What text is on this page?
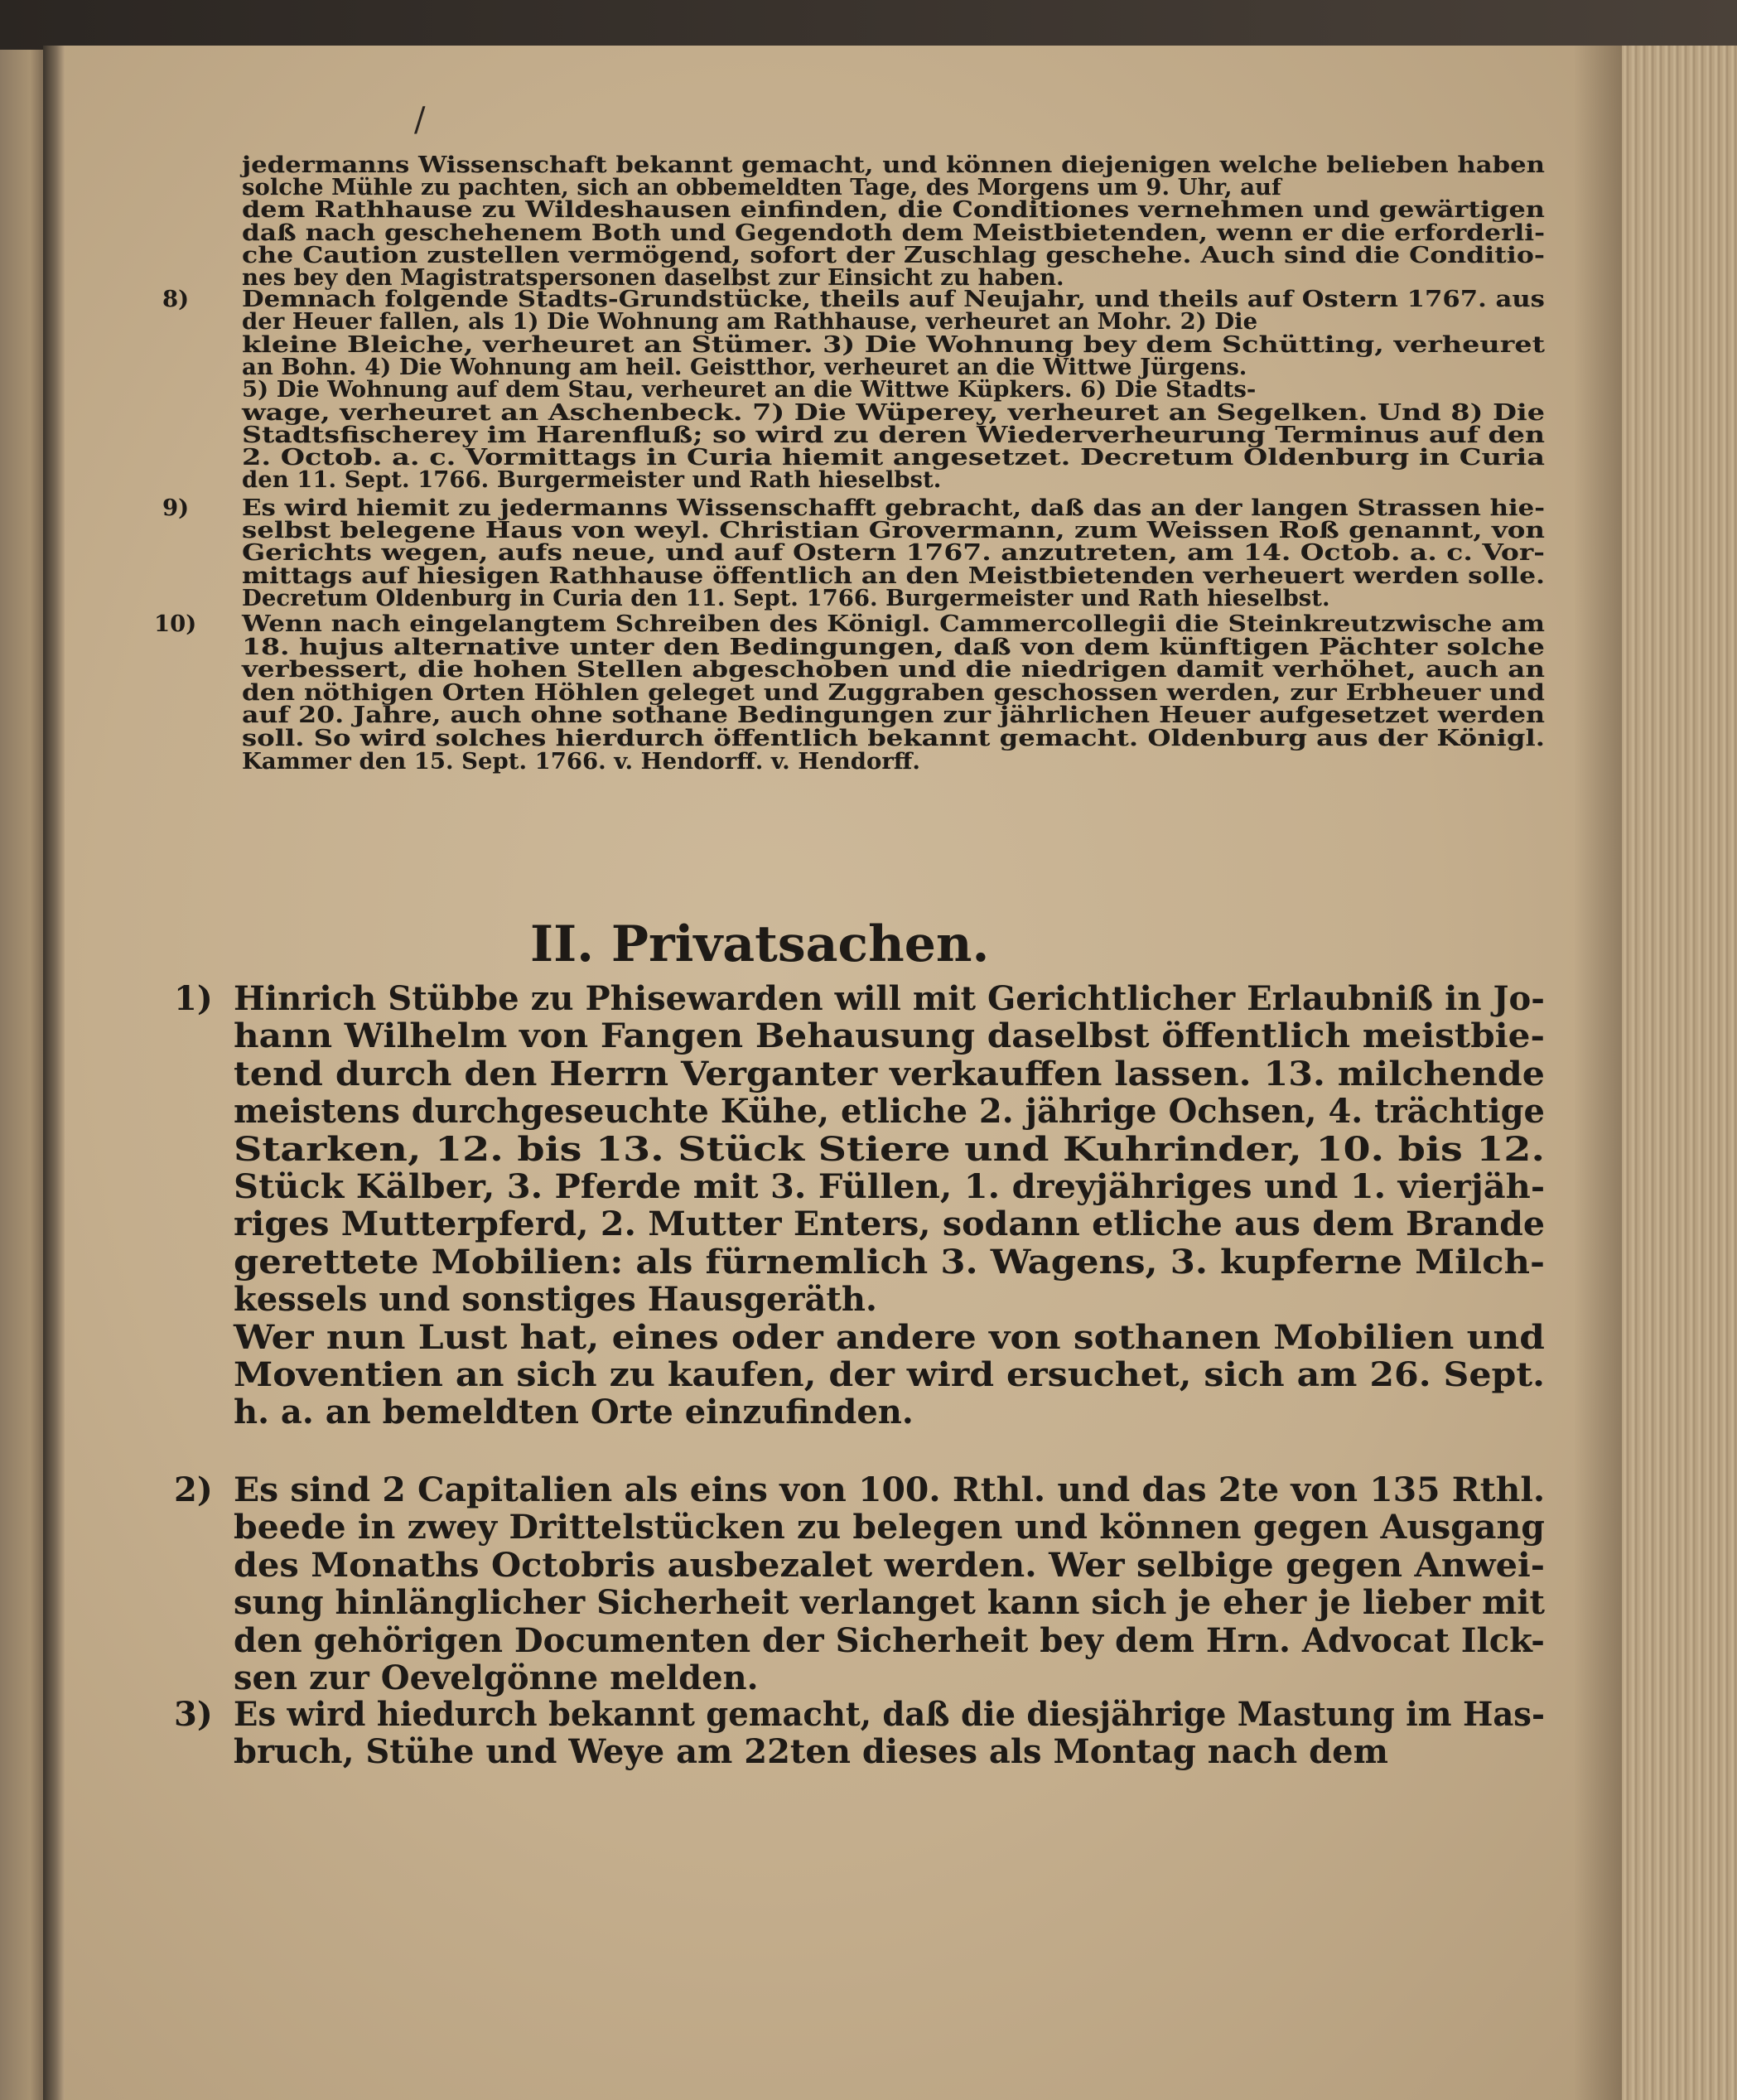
/
jedermanns Wissenschaft bekannt gemacht, und können diejenigen welche belieben haben
solche Mühle zu pachten, sich an obbemeldten Tage, des Morgens um 9. Uhr, auf
dem Rathhause zu Wildeshausen einfinden, die Conditiones vernehmen und gewärtigen
daß nach geschehenem Both und Gegendoth dem Meistbietenden, wenn er die erforderli-
che Caution zustellen vermögend, sofort der Zuschlag geschehe. Auch sind die Conditio-
nes bey den Magistratspersonen daselbst zur Einsicht zu haben.
8) Demnach folgende Stadts-Grundstücke, theils auf Neujahr, und theils auf Ostern 1767. aus
der Heuer fallen, als 1) Die Wohnung am Rathhause, verheuret an Mohr. 2) Die
kleine Bleiche, verheuret an Stümer. 3) Die Wohnung bey dem Schütting, verheuret
an Bohn. 4) Die Wohnung am heil. Geistthor, verheuret an die Wittwe Jürgens.
5) Die Wohnung auf dem Stau, verheuret an die Wittwe Küpkers. 6) Die Stadts-
wage, verheuret an Aschenbeck. 7) Die Wüperey, verheuret an Segelken. Und 8) Die
Stadtsfischerey im Harenfluß; so wird zu deren Wiederverheurung Terminus auf den
2. Octob. a. c. Vormittags in Curia hiemit angesetzet. Decretum Oldenburg in Curia
den 11. Sept. 1766. Burgermeister und Rath hieselbst.
9) Es wird hiemit zu jedermanns Wissenschafft gebracht, daß das an der langen Strassen hie-
selbst belegene Haus von weyl. Christian Grovermann, zum Weissen Roß genannt, von
Gerichts wegen, aufs neue, und auf Ostern 1767. anzutreten, am 14. Octob. a. c. Vor-
mittags auf hiesigen Rathhause öffentlich an den Meistbietenden verheuert werden solle.
Decretum Oldenburg in Curia den 11. Sept. 1766. Burgermeister und Rath hieselbst.
10) Wenn nach eingelangtem Schreiben des Königl. Cammercollegii die Steinkreutzwische am
18. hujus alternative unter den Bedingungen, daß von dem künftigen Pächter solche
verbessert, die hohen Stellen abgeschoben und die niedrigen damit verhöhet, auch an
den nöthigen Orten Höhlen geleget und Zuggraben geschossen werden, zur Erbheuer und
auf 20. Jahre, auch ohne sothane Bedingungen zur jährlichen Heuer aufgesetzet werden
soll. So wird solches hierdurch öffentlich bekannt gemacht. Oldenburg aus der Königl.
Kammer den 15. Sept. 1766. v. Hendorff. v. Hendorff.
1) Hinrich Stübbe zu Phisewarden will mit Gerichtlicher Erlaubniß in Jo-
hann Wilhelm von Fangen Behausung daselbst öffentlich meistbie-
tend durch den Herrn Verganter verkauffen lassen. 13. milchende
meistens durchgeseuchte Kühe, etliche 2. jährige Ochsen, 4. trächtige
Starken, 12. bis 13. Stück Stiere und Kuhrinder, 10. bis 12.
Stück Kälber, 3. Pferde mit 3. Füllen, 1. dreyjähriges und 1. vierjäh-
riges Mutterpferd, 2. Mutter Enters, sodann etliche aus dem Brande
gerettete Mobilien: als fürnemlich 3. Wagens, 3. kupferne Milch-
kessels und sonstiges Hausgeräth.
Wer nun Lust hat, eines oder andere von sothanen Mobilien und
Moventien an sich zu kaufen, der wird ersuchet, sich am 26. Sept.
h. a. an bemeldten Orte einzufinden.
2) Es sind 2 Capitalien als eins von 100. Rthl. und das 2te von 135 Rthl.
beede in zwey Drittelstücken zu belegen und können gegen Ausgang
des Monaths Octobris ausbezalet werden. Wer selbige gegen Anwei-
sung hinlänglicher Sicherheit verlanget kann sich je eher je lieber mit
den gehörigen Documenten der Sicherheit bey dem Hrn. Advocat Ilck-
sen zur Oevelgönne melden.
3) Es wird hiedurch bekannt gemacht, daß die diesjährige Mastung im Has-
bruch, Stühe und Weye am 22ten dieses als Montag nach dem
II. Privatsachen.
